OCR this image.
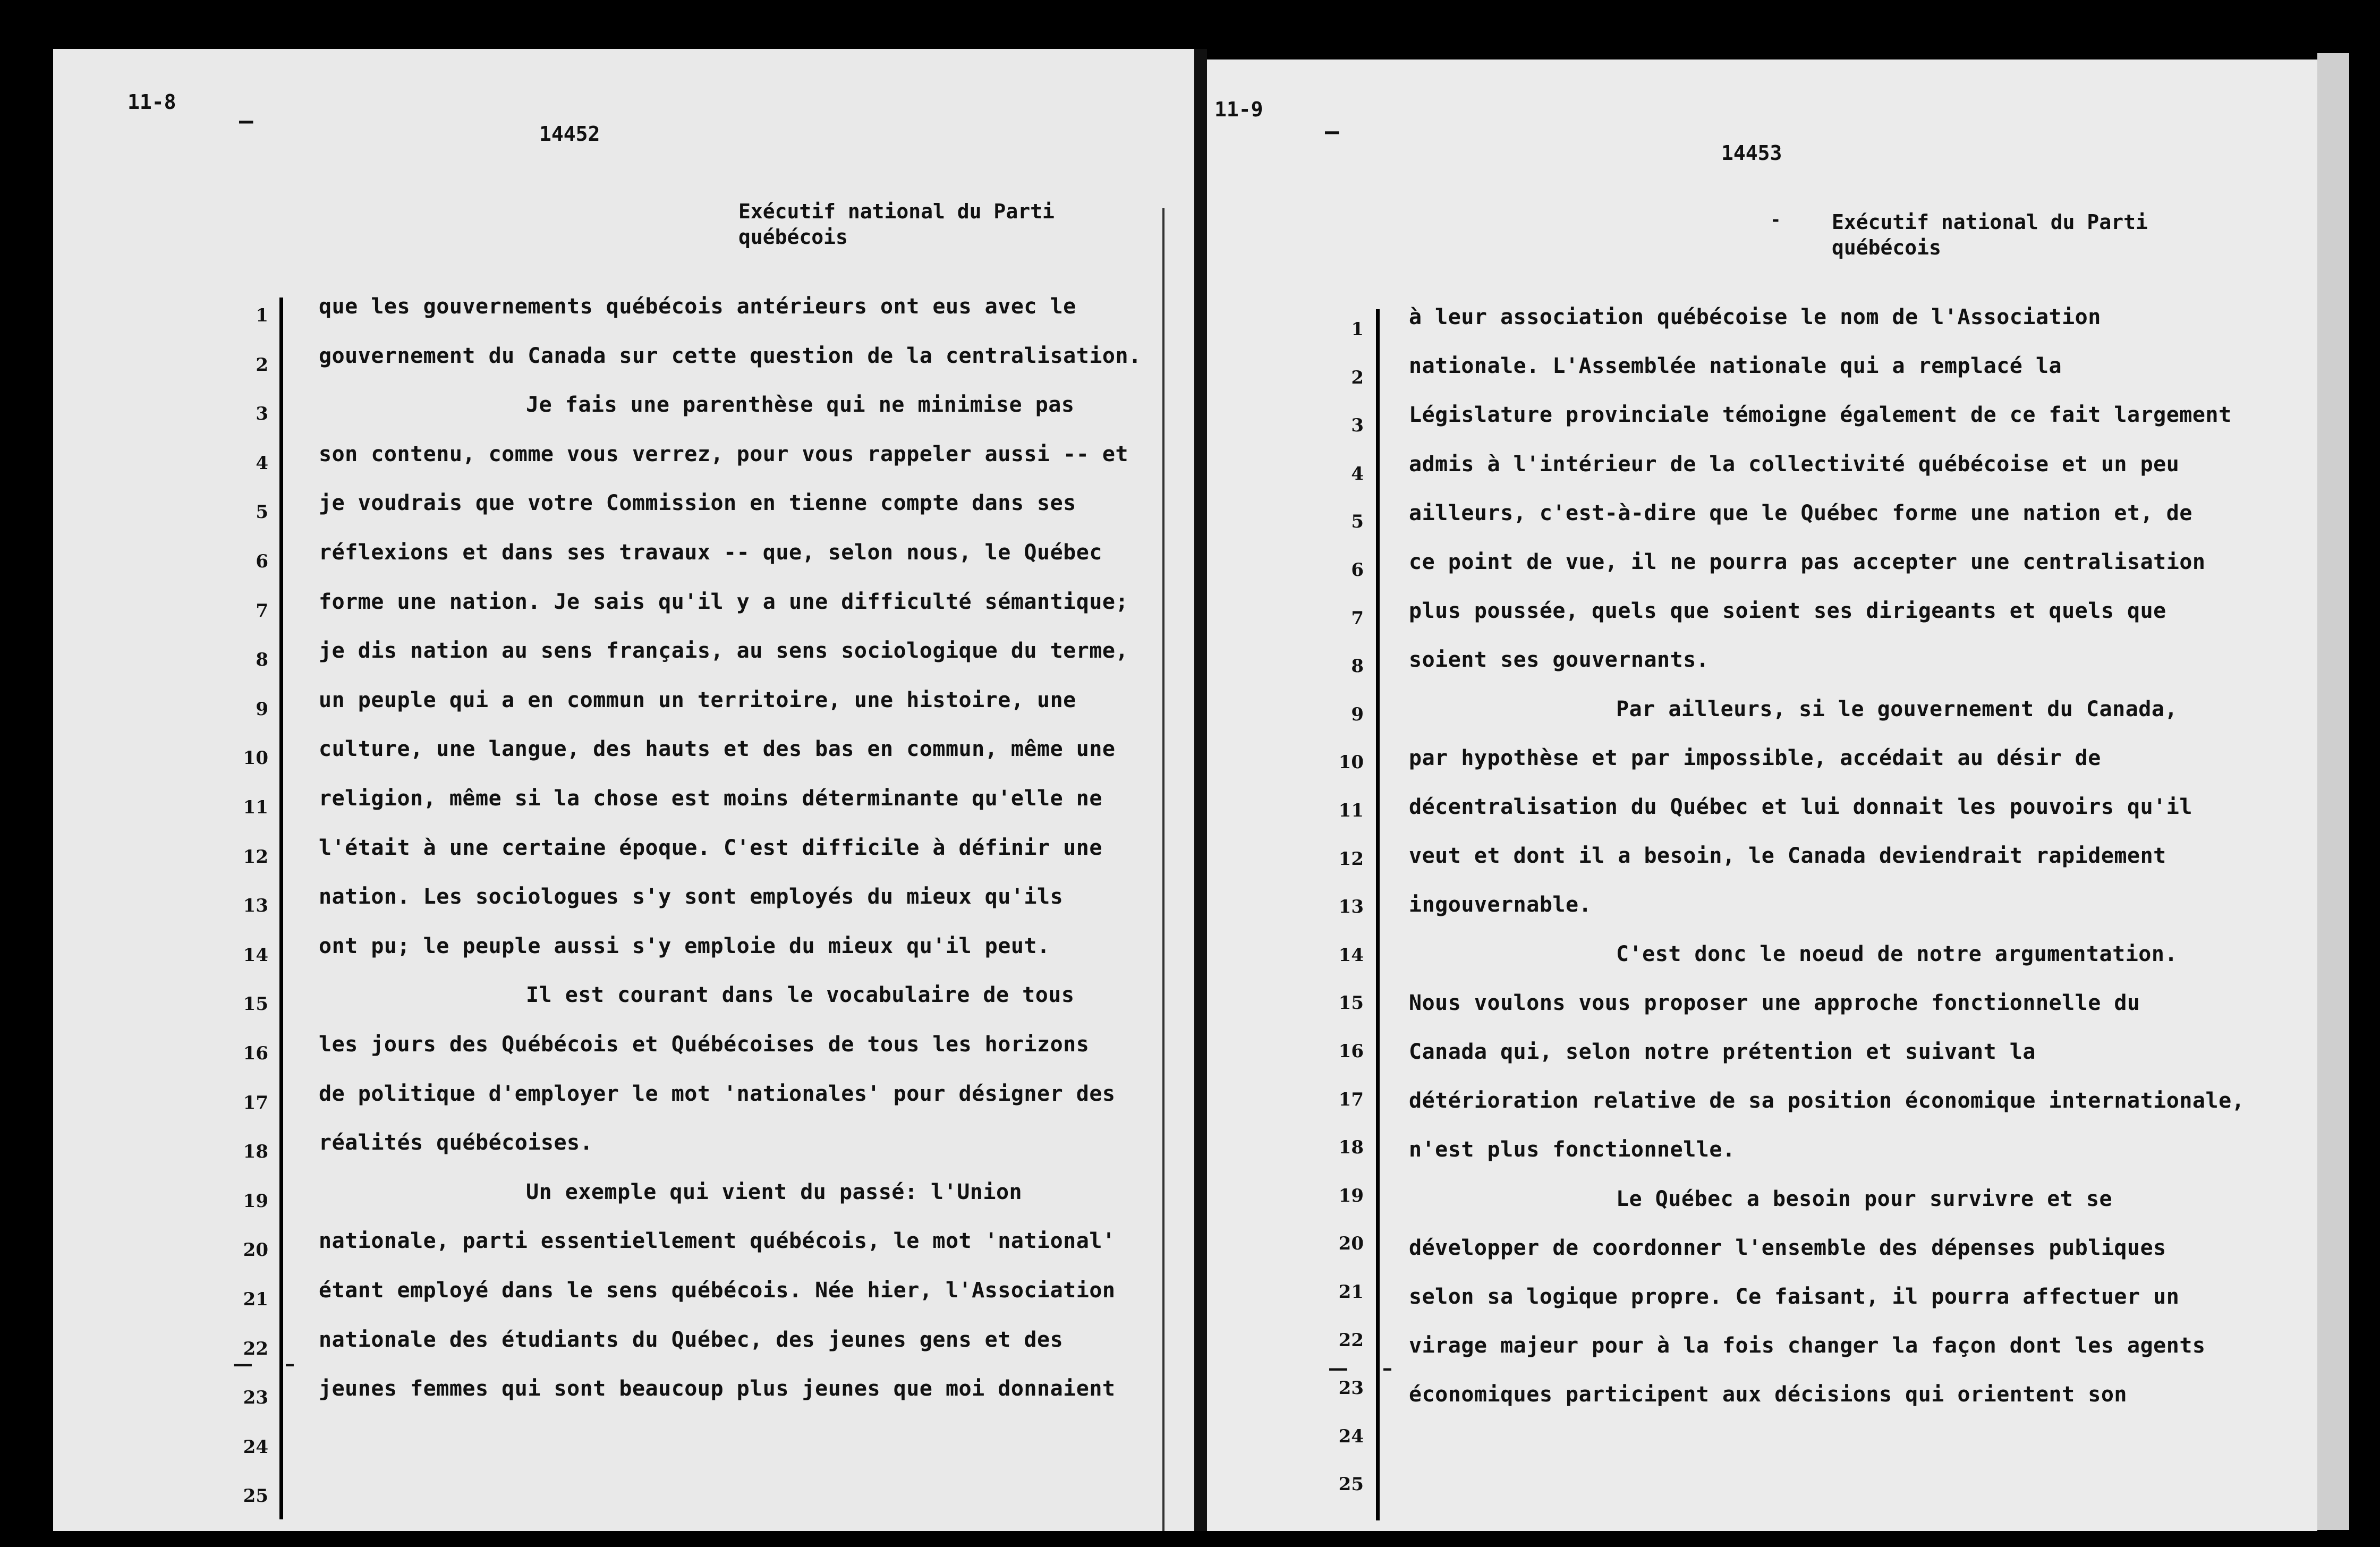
11-8
–	14452
Exécutif national du Parti
québécois
1
2
3
4
5
6
7
8
9
10
11
12
13
14
15
16
17
18
19
20
21
22
23
24
25
que les gouvernements québécois antérieurs ont eus avec le
gouvernement du Canada sur cette question de la centralisation.
Je fais une parenthèse qui ne minimise pas
son contenu, comme vous verrez, pour vous rappeler aussi -- et
je voudrais que votre Commission en tienne compte dans ses
réflexions et dans ses travaux -- que, selon nous, le Québec
forme une nation. Je sais qu'il y a une difficulté sémantique;
je dis nation au sens français, au sens sociologique du terme,
un peuple qui a en commun un territoire, une histoire, une
culture, une langue, des hauts et des bas en commun, même une
religion, même si la chose est moins déterminante qu'elle ne
l'était à une certaine époque. C'est difficile à définir une
nation. Les sociologues s'y sont employés du mieux qu'ils
ont pu; le peuple aussi s'y emploie du mieux qu'il peut.
Il est courant dans le vocabulaire de tous
les jours des Québécois et Québécoises de tous les horizons
de politique d'employer le mot 'nationales' pour désigner des
réalités québécoises.
Un exemple qui vient du passé: l'Union
nationale, parti essentiellement québécois, le mot 'national'
étant employé dans le sens québécois. Née hier, l'Association
nationale des étudiants du Québec, des jeunes gens et des
jeunes femmes qui sont beaucoup plus jeunes que moi donnaient
— –
11-9
–
14453
-	Exécutif national du Parti
québécois
1
2
3
4
5
6
7
8
9
10
11
12
13
14
15
16
17
18
19
20
21
22
23
24
25
à leur association québécoise le nom de l'Association
nationale. L'Assemblée nationale qui a remplacé la
Législature provinciale témoigne également de ce fait largement
admis à l'intérieur de la collectivité québécoise et un peu
ailleurs, c'est-à-dire que le Québec forme une nation et, de
ce point de vue, il ne pourra pas accepter une centralisation
plus poussée, quels que soient ses dirigeants et quels que
soient ses gouvernants.
Par ailleurs, si le gouvernement du Canada,
par hypothèse et par impossible, accédait au désir de
décentralisation du Québec et lui donnait les pouvoirs qu'il
veut et dont il a besoin, le Canada deviendrait rapidement
ingouvernable.
C'est donc le noeud de notre argumentation.
Nous voulons vous proposer une approche fonctionnelle du
Canada qui, selon notre prétention et suivant la
détérioration relative de sa position économique internationale,
n'est plus fonctionnelle.
Le Québec a besoin pour survivre et se
développer de coordonner l'ensemble des dépenses publiques
selon sa logique propre. Ce faisant, il pourra affectuer un
virage majeur pour à la fois changer la façon dont les agents
économiques participent aux décisions qui orientent son
— –
